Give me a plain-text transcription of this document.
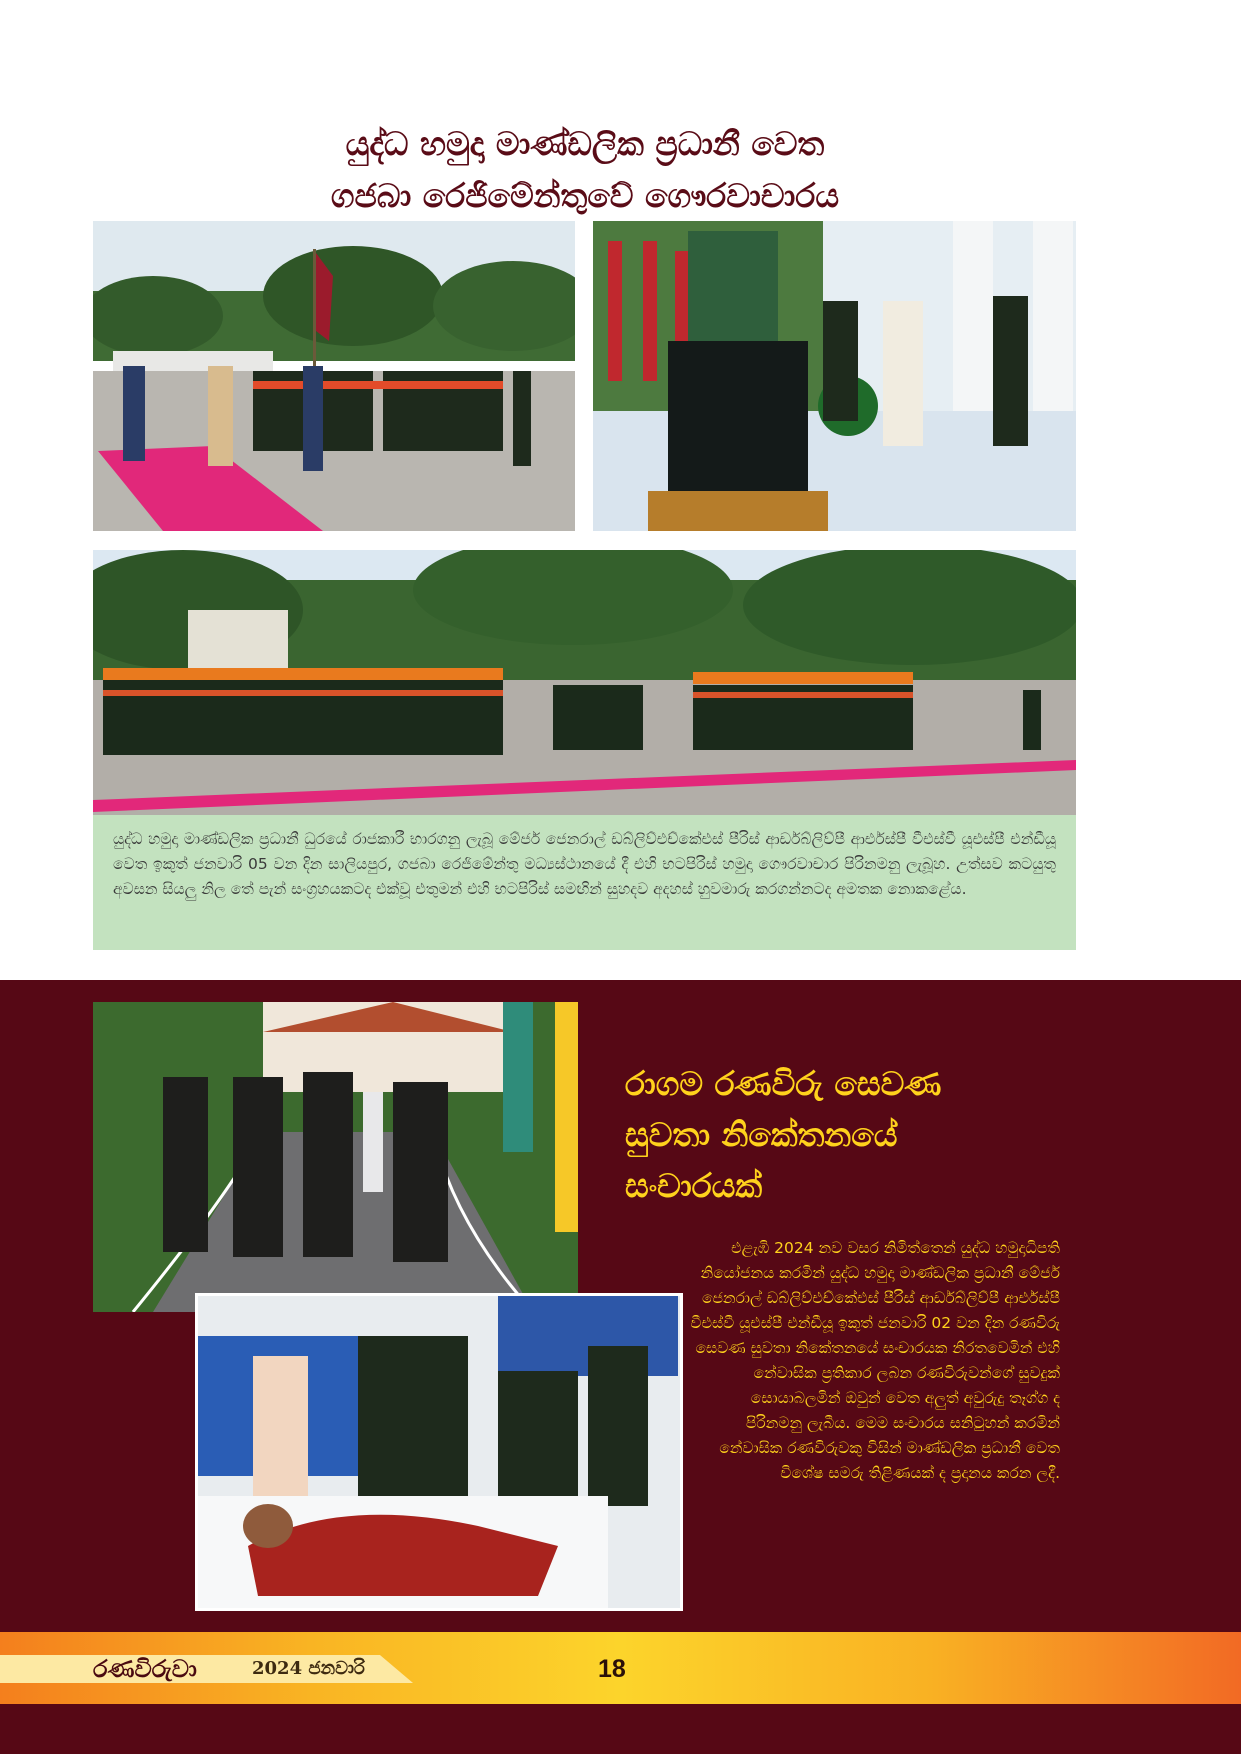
යුද්ධ හමුදා මාණ්ඩලික ප්‍රධානී වෙත
ගජබා රෙජිමේන්තුවේ ගෞරවාචාරය

යුද්ධ හමුදා මාණ්ඩලික ප්‍රධානී ධුරයේ රාජකාරී භාරගනු ලැබූ මේජර් ජෙනරාල් ඩබ්ලිව්එච්කේඑස් පීරිස් ආර්ඩබ්ලිව්පී ආර්එස්පී වීඑස්වී යූඑස්පී එන්ඩීයූ වෙත ඉකුත් ජනවාරි 05 වන දින සාලියපුර, ගජබා රෙජිමේන්තු මධ්‍යස්ථානයේ දී එහි භටපිරිස් හමුදා ගෞරවාචාර පිරිනමනු ලැබූහ. උත්සව කටයුතු අවසන සියලු නිල තේ පැන් සංග්‍රහයකටද එක්වූ එතුමන් එහි භටපිරිස් සමඟින් සුහදව අදහස් හුවමාරු කරගන්නටද අමතක නොකළේය.

රාගම රණවිරු සෙවණ
සුවතා නිකේතනයේ
සංචාරයක්

එළැඹි 2024 නව වසර නිමිත්තෙන් යුද්ධ හමුදාධිපති නියෝජනය කරමින් යුද්ධ හමුදා මාණ්ඩලික ප්‍රධානී මේජර් ජෙනරාල් ඩබ්ලිව්එච්කේඑස් පීරිස් ආර්ඩබ්ලිව්පී ආර්එස්පී වීඑස්වී යූඑස්පී එන්ඩීයූ ඉකුත් ජනවාරි 02 වන දින රණවිරු සෙවණ සුවතා නිකේතනයේ සංචාරයක නිරතවෙමින් එහි නේවාසික ප්‍රතිකාර ලබන රණවිරුවන්ගේ සුවදුක් සොයාබලමින් ඔවුන් වෙත අලුත් අවුරුදු තෑග්ග ද පිරිනමනු ලැබීය. මෙම සංචාරය සනිටුහන් කරමින් නේවාසික රණවිරුවකු විසින් මාණ්ඩලික ප්‍රධානී වෙත විශේෂ සමරු තිළිණයක් ද ප්‍රදානය කරන ලදී.

රණවිරුවා	2024 ජනවාරි	18
